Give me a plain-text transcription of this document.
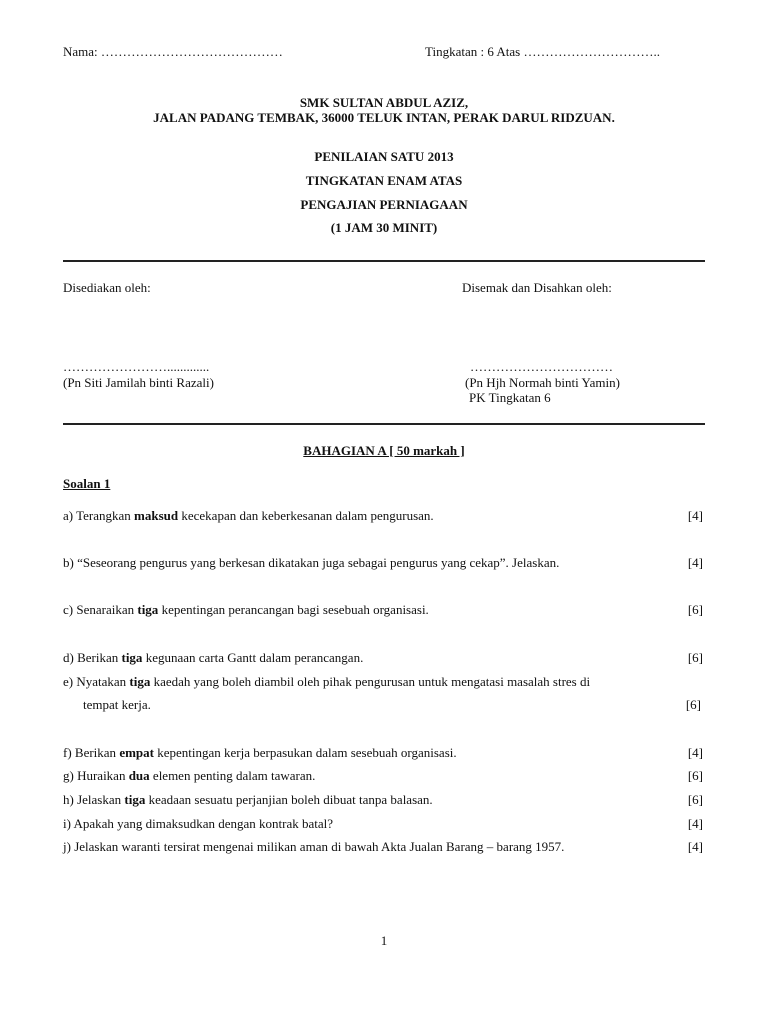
Nama: ……………………………………	Tingkatan : 6 Atas …………………………..
SMK SULTAN ABDUL AZIZ,
JALAN PADANG TEMBAK, 36000 TELUK INTAN, PERAK DARUL RIDZUAN.
PENILAIAN SATU 2013
TINGKATAN ENAM ATAS
PENGAJIAN PERNIAGAAN
(1 JAM 30 MINIT)
Disediakan oleh:	Disemak dan Disahkan oleh:
…………………….............	……………………………
(Pn Siti Jamilah binti Razali)	(Pn Hjh Normah binti Yamin)
PK Tingkatan 6
BAHAGIAN A [ 50 markah ]
Soalan 1
a) Terangkan maksud kecekapan dan keberkesanan dalam pengurusan.	[4]
b) “Seseorang pengurus yang berkesan dikatakan juga sebagai pengurus yang cekap”. Jelaskan.	[4]
c) Senaraikan tiga kepentingan perancangan bagi sesebuah organisasi.	[6]
d) Berikan tiga kegunaan carta Gantt dalam perancangan.	[6]
e) Nyatakan tiga kaedah yang boleh diambil oleh pihak pengurusan untuk mengatasi masalah stres di
tempat kerja.	[6]
f) Berikan empat kepentingan kerja berpasukan dalam sesebuah organisasi.	[4]
g) Huraikan dua elemen penting dalam tawaran.	[6]
h) Jelaskan tiga keadaan sesuatu perjanjian boleh dibuat tanpa balasan.	[6]
i) Apakah yang dimaksudkan dengan kontrak batal?	[4]
j) Jelaskan waranti tersirat mengenai milikan aman di bawah Akta Jualan Barang – barang 1957.	[4]
1
